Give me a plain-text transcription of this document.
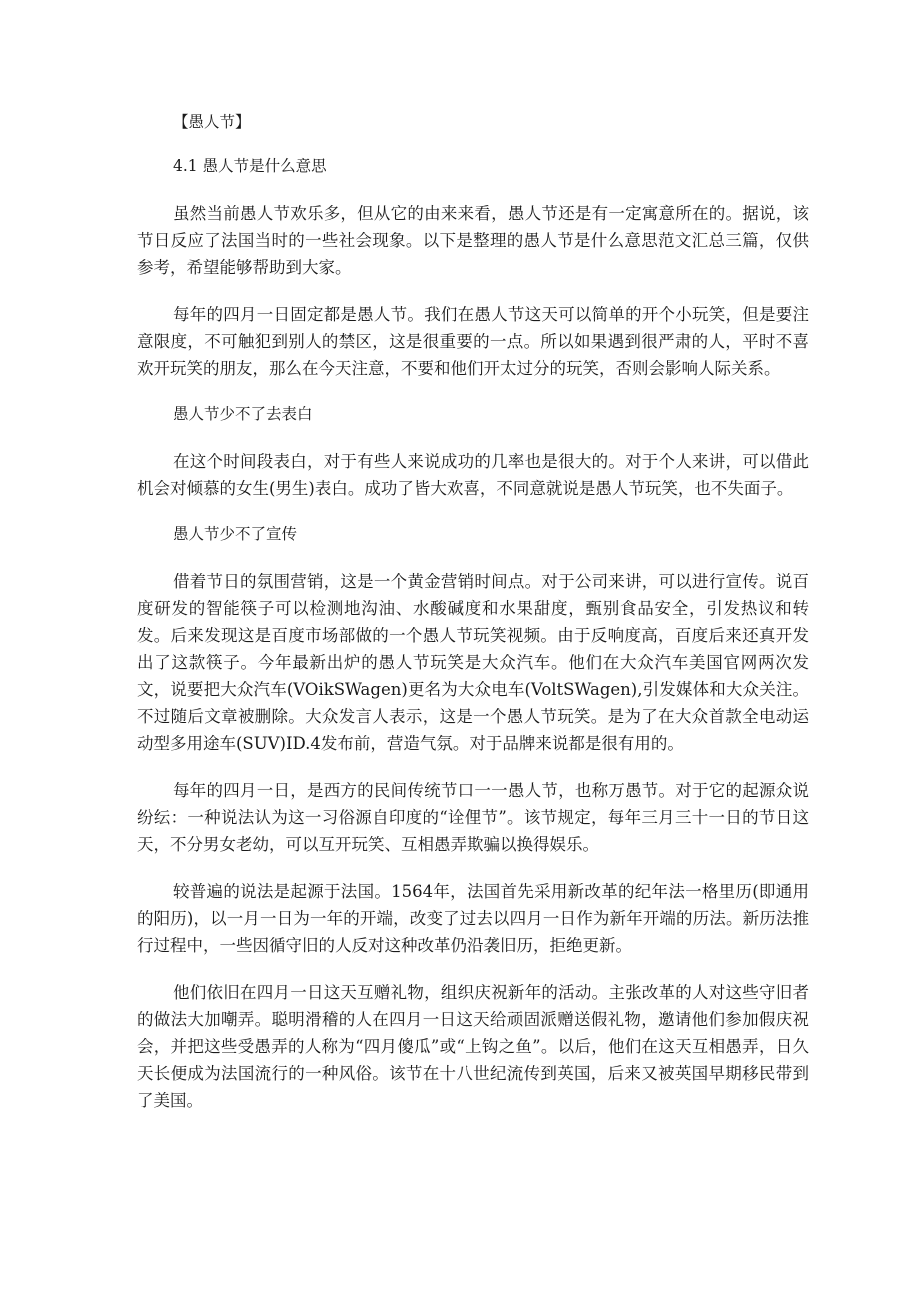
【愚人节】

4.1 愚人节是什么意思

虽然当前愚人节欢乐多，但从它的由来来看，愚人节还是有一定寓意所在的。据说，该节日反应了法国当时的一些社会现象。以下是整理的愚人节是什么意思范文汇总三篇，仅供参考，希望能够帮助到大家。

每年的四月一日固定都是愚人节。我们在愚人节这天可以简单的开个小玩笑，但是要注意限度，不可触犯到别人的禁区，这是很重要的一点。所以如果遇到很严肃的人，平时不喜欢开玩笑的朋友，那么在今天注意，不要和他们开太过分的玩笑，否则会影响人际关系。

愚人节少不了去表白

在这个时间段表白，对于有些人来说成功的几率也是很大的。对于个人来讲，可以借此机会对倾慕的女生(男生)表白。成功了皆大欢喜，不同意就说是愚人节玩笑，也不失面子。

愚人节少不了宣传

借着节日的氛围营销，这是一个黄金营销时间点。对于公司来讲，可以进行宣传。说百度研发的智能筷子可以检测地沟油、水酸碱度和水果甜度，甄别食品安全，引发热议和转发。后来发现这是百度市场部做的一个愚人节玩笑视频。由于反响度高，百度后来还真开发出了这款筷子。今年最新出炉的愚人节玩笑是大众汽车。他们在大众汽车美国官网两次发文，说要把大众汽车(VOikSWagen)更名为大众电车(VoltSWagen),引发媒体和大众关注。不过随后文章被删除。大众发言人表示，这是一个愚人节玩笑。是为了在大众首款全电动运动型多用途车(SUV)ID.4发布前，营造气氛。对于品牌来说都是很有用的。

每年的四月一日，是西方的民间传统节口一一愚人节，也称万愚节。对于它的起源众说纷纭：一种说法认为这一习俗源自印度的“诠俚节”。该节规定，每年三月三十一日的节日这天，不分男女老幼，可以互开玩笑、互相愚弄欺骗以换得娱乐。

较普遍的说法是起源于法国。1564年，法国首先采用新改革的纪年法一格里历(即通用的阳历)，以一月一日为一年的开端，改变了过去以四月一日作为新年开端的历法。新历法推行过程中，一些因循守旧的人反对这种改革仍沿袭旧历，拒绝更新。

他们依旧在四月一日这天互赠礼物，组织庆祝新年的活动。主张改革的人对这些守旧者的做法大加嘲弄。聪明滑稽的人在四月一日这天给顽固派赠送假礼物，邀请他们参加假庆祝会，并把这些受愚弄的人称为“四月傻瓜”或“上钩之鱼”。以后，他们在这天互相愚弄，日久天长便成为法国流行的一种风俗。该节在十八世纪流传到英国，后来又被英国早期移民带到了美国。
